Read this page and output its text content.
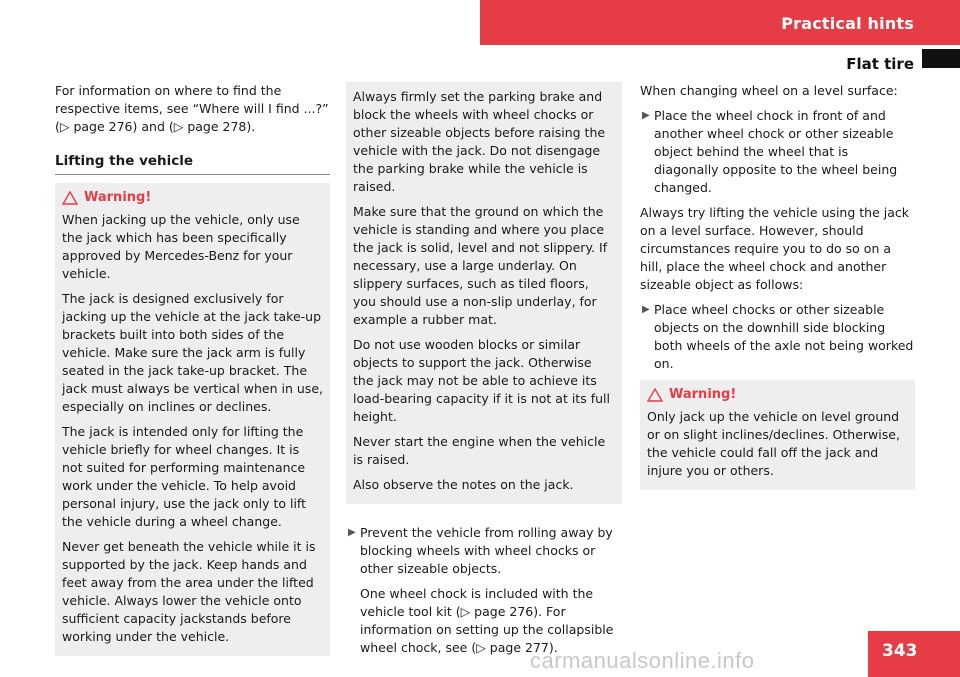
Practical hints
Flat tire

For information on where to find the respective items, see “Where will I find ...?” (▷ page 276) and (▷ page 278).

Lifting the vehicle
Warning!

When jacking up the vehicle, only use the jack which has been specifically approved by Mercedes-Benz for your vehicle.

The jack is designed exclusively for jacking up the vehicle at the jack take-up brackets built into both sides of the vehicle. Make sure the jack arm is fully seated in the jack take-up bracket. The jack must always be vertical when in use, especially on inclines or declines.

The jack is intended only for lifting the vehicle briefly for wheel changes. It is not suited for performing maintenance work under the vehicle. To help avoid personal injury, use the jack only to lift the vehicle during a wheel change.

Never get beneath the vehicle while it is supported by the jack. Keep hands and feet away from the area under the lifted vehicle. Always lower the vehicle onto sufficient capacity jackstands before working under the vehicle.

Always firmly set the parking brake and block the wheels with wheel chocks or other sizeable objects before raising the vehicle with the jack. Do not disengage the parking brake while the vehicle is raised.

Make sure that the ground on which the vehicle is standing and where you place the jack is solid, level and not slippery. If necessary, use a large underlay. On slippery surfaces, such as tiled floors, you should use a non-slip underlay, for example a rubber mat.

Do not use wooden blocks or similar objects to support the jack. Otherwise the jack may not be able to achieve its load-bearing capacity if it is not at its full height.

Never start the engine when the vehicle is raised.

Also observe the notes on the jack.

▶ Prevent the vehicle from rolling away by blocking wheels with wheel chocks or other sizeable objects.
One wheel chock is included with the vehicle tool kit (▷ page 276). For information on setting up the collapsible wheel chock, see (▷ page 277).

When changing wheel on a level surface:

▶ Place the wheel chock in front of and another wheel chock or other sizeable object behind the wheel that is diagonally opposite to the wheel being changed.

Always try lifting the vehicle using the jack on a level surface. However, should circumstances require you to do so on a hill, place the wheel chock and another sizeable object as follows:

▶ Place wheel chocks or other sizeable objects on the downhill side blocking both wheels of the axle not being worked on.
Warning!

Only jack up the vehicle on level ground or on slight inclines/declines. Otherwise, the vehicle could fall off the jack and injure you or others.

343
carmanualsonline.info
